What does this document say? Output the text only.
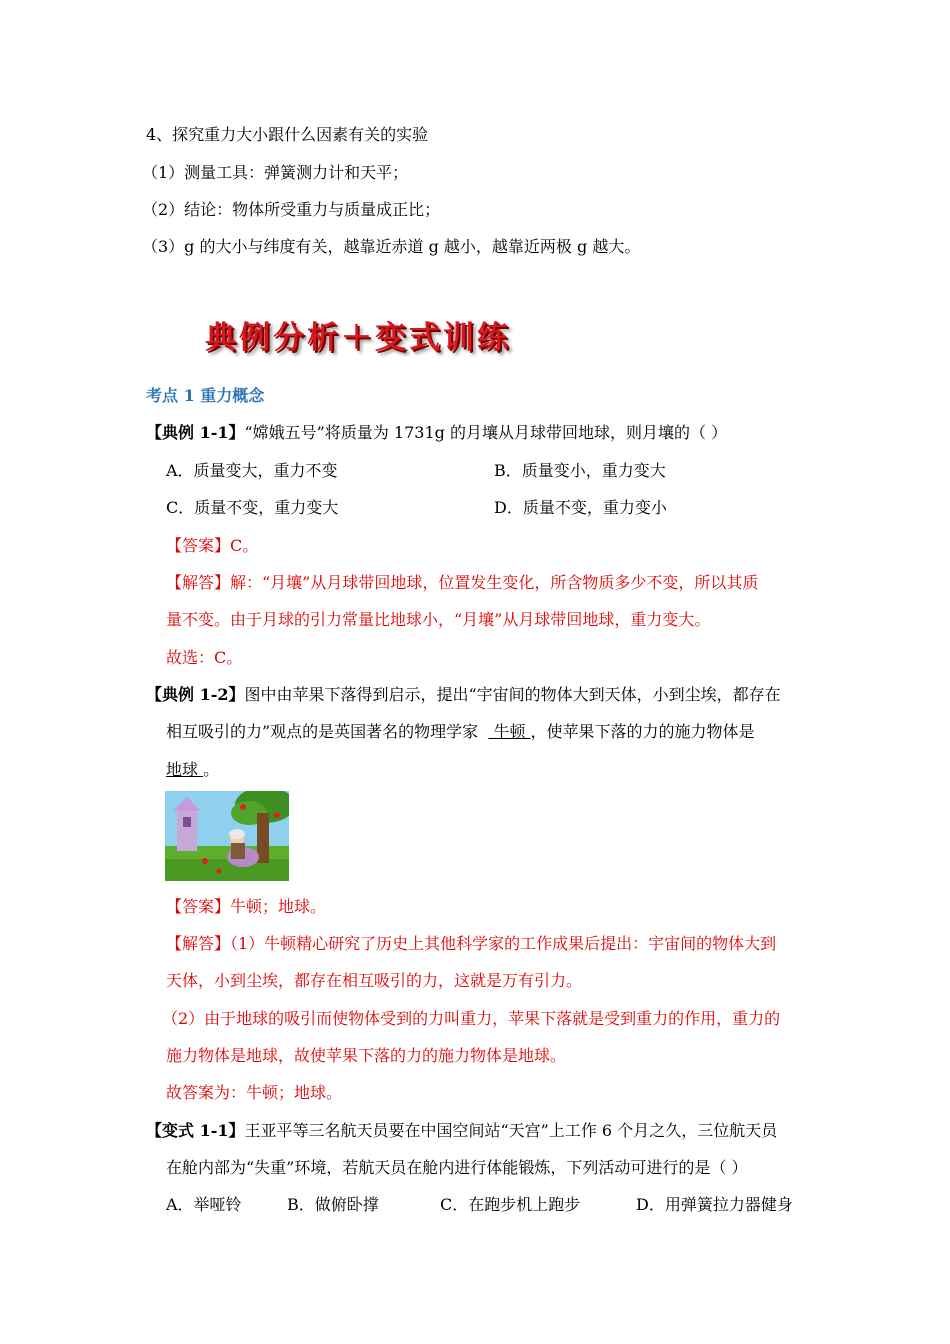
4、探究重力大小跟什么因素有关的实验
（1）测量工具：弹簧测力计和天平；
（2）结论：物体所受重力与质量成正比；
（3）g 的大小与纬度有关，越靠近赤道 g 越小，越靠近两极 g 越大。
典例分析＋变式训练
考点 1 重力概念
【典例 1-1】“嫦娥五号”将质量为 1731g 的月壤从月球带回地球，则月壤的（ ）
A．质量变大，重力不变	B．质量变小，重力变大
C．质量不变，重力变大	D．质量不变，重力变小
【答案】C。
【解答】解：“月壤”从月球带回地球，位置发生变化，所含物质多少不变，所以其质
量不变。由于月球的引力常量比地球小，“月壤”从月球带回地球，重力变大。
故选：C。
【典例 1-2】图中由苹果下落得到启示，提出“宇宙间的物体大到天体，小到尘埃，都存在
相互吸引的力”观点的是英国著名的物理学家   牛顿 ，使苹果下落的力的施力物体是
地球 。
【答案】牛顿；地球。
【解答】（1）牛顿精心研究了历史上其他科学家的工作成果后提出：宇宙间的物体大到
天体，小到尘埃，都存在相互吸引的力，这就是万有引力。
（2）由于地球的吸引而使物体受到的力叫重力，苹果下落就是受到重力的作用，重力的
施力物体是地球，故使苹果下落的力的施力物体是地球。
故答案为：牛顿；地球。
【变式 1-1】王亚平等三名航天员要在中国空间站“天宫”上工作 6 个月之久，三位航天员
在舱内部为“失重”环境，若航天员在舱内进行体能锻炼，下列活动可进行的是（ ）
A．举哑铃	B．做俯卧撑	C．在跑步机上跑步	D．用弹簧拉力器健身
